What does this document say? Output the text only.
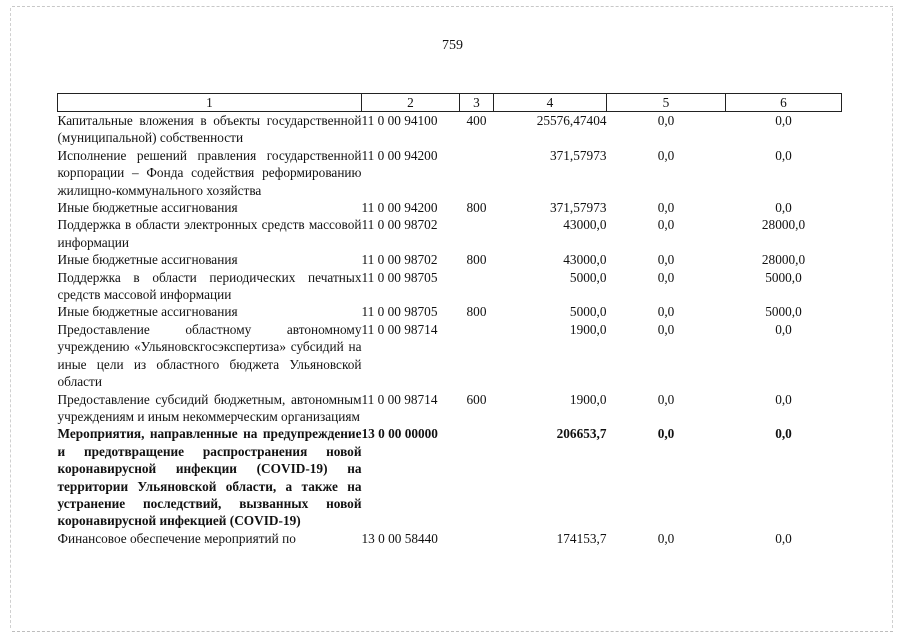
759
1	2	3	4	5	6
Капитальные вложения в объекты государственной (муниципальной) собственности	11 0 00 94100	400	25576,47404	0,0	0,0
Исполнение решений правления государственной корпорации – Фонда содействия реформированию жилищно-коммунального хозяйства	11 0 00 94200		371,57973	0,0	0,0
Иные бюджетные ассигнования	11 0 00 94200	800	371,57973	0,0	0,0
Поддержка в области электронных средств массовой информации	11 0 00 98702		43000,0	0,0	28000,0
Иные бюджетные ассигнования	11 0 00 98702	800	43000,0	0,0	28000,0
Поддержка в области периодических печатных средств массовой информации	11 0 00 98705		5000,0	0,0	5000,0
Иные бюджетные ассигнования	11 0 00 98705	800	5000,0	0,0	5000,0
Предоставление областному автономному учреждению «Ульяновскгосэкспертиза» субсидий на иные цели из областного бюджета Ульяновской области	11 0 00 98714		1900,0	0,0	0,0
Предоставление субсидий бюджетным, автономным учреждениям и иным некоммерческим организациям	11 0 00 98714	600	1900,0	0,0	0,0
Мероприятия, направленные на предупреждение и предотвращение распространения новой коронавирусной инфекции (COVID-19) на территории Ульяновской области, а также на устранение последствий, вызванных новой коронавирусной инфекцией (COVID-19)	13 0 00 00000		206653,7	0,0	0,0
Финансовое обеспечение мероприятий по	13 0 00 58440		174153,7	0,0	0,0
